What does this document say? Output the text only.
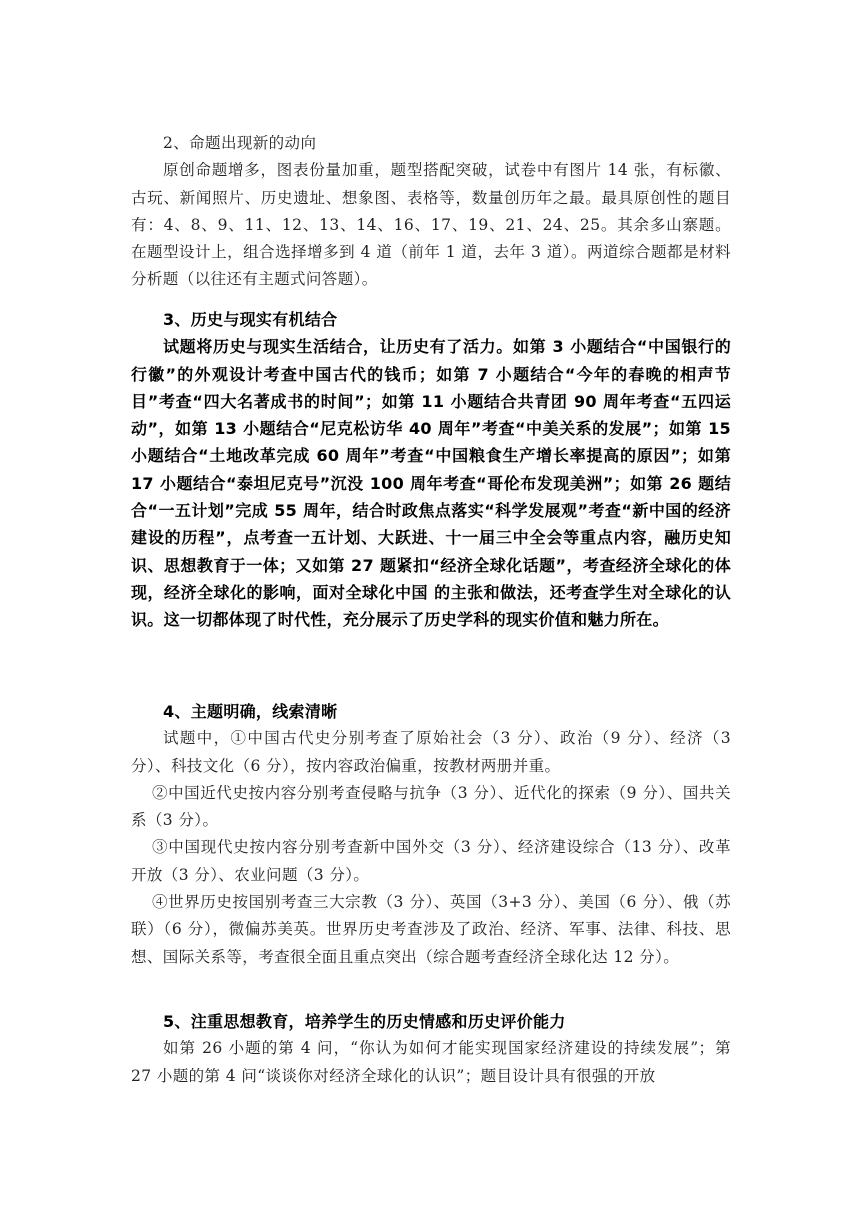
2、命题出现新的动向

原创命题增多，图表份量加重，题型搭配突破，试卷中有图片 14 张，有标徽、古玩、新闻照片、历史遗址、想象图、表格等，数量创历年之最。最具原创性的题目有：4、8、9、11、12、13、14、16、17、19、21、24、25。其余多山寨题。在题型设计上，组合选择增多到 4 道（前年 1 道，去年 3 道）。两道综合题都是材料分析题（以往还有主题式问答题）。

3、历史与现实有机结合

试题将历史与现实生活结合，让历史有了活力。如第 3 小题结合“中国银行的行徽”的外观设计考查中国古代的钱币；如第 7 小题结合“今年的春晚的相声节目”考查“四大名著成书的时间”；如第 11 小题结合共青团 90 周年考查“五四运动”，如第 13 小题结合“尼克松访华 40 周年”考查“中美关系的发展”；如第 15 小题结合“土地改革完成 60 周年”考查“中国粮食生产增长率提高的原因”；如第 17 小题结合“泰坦尼克号”沉没 100 周年考查“哥伦布发现美洲”；如第 26 题结合“一五计划”完成 55 周年，结合时政焦点落实“科学发展观”考查“新中国的经济建设的历程”，点考查一五计划、大跃进、十一届三中全会等重点内容，融历史知识、思想教育于一体；又如第 27 题紧扣“经济全球化话题”，考查经济全球化的体现，经济全球化的影响，面对全球化中国 的主张和做法，还考查学生对全球化的认识。这一切都体现了时代性，充分展示了历史学科的现实价值和魅力所在。

4、主题明确，线索清晰

试题中，①中国古代史分别考查了原始社会（3 分）、政治（9 分）、经济（3 分）、科技文化（6 分），按内容政治偏重，按教材两册并重。

②中国近代史按内容分别考查侵略与抗争（3 分）、近代化的探索（9 分）、国共关系（3 分）。

③中国现代史按内容分别考查新中国外交（3 分）、经济建设综合（13 分）、改革开放（3 分）、农业问题（3 分）。

④世界历史按国别考查三大宗教（3 分）、英国（3+3 分）、美国（6 分）、俄（苏联）（6 分），微偏苏美英。世界历史考查涉及了政治、经济、军事、法律、科技、思想、国际关系等，考查很全面且重点突出（综合题考查经济全球化达 12 分）。

5、注重思想教育，培养学生的历史情感和历史评价能力

如第 26 小题的第 4 问，“你认为如何才能实现国家经济建设的持续发展”；第 27 小题的第 4 问“谈谈你对经济全球化的认识”；题目设计具有很强的开放
